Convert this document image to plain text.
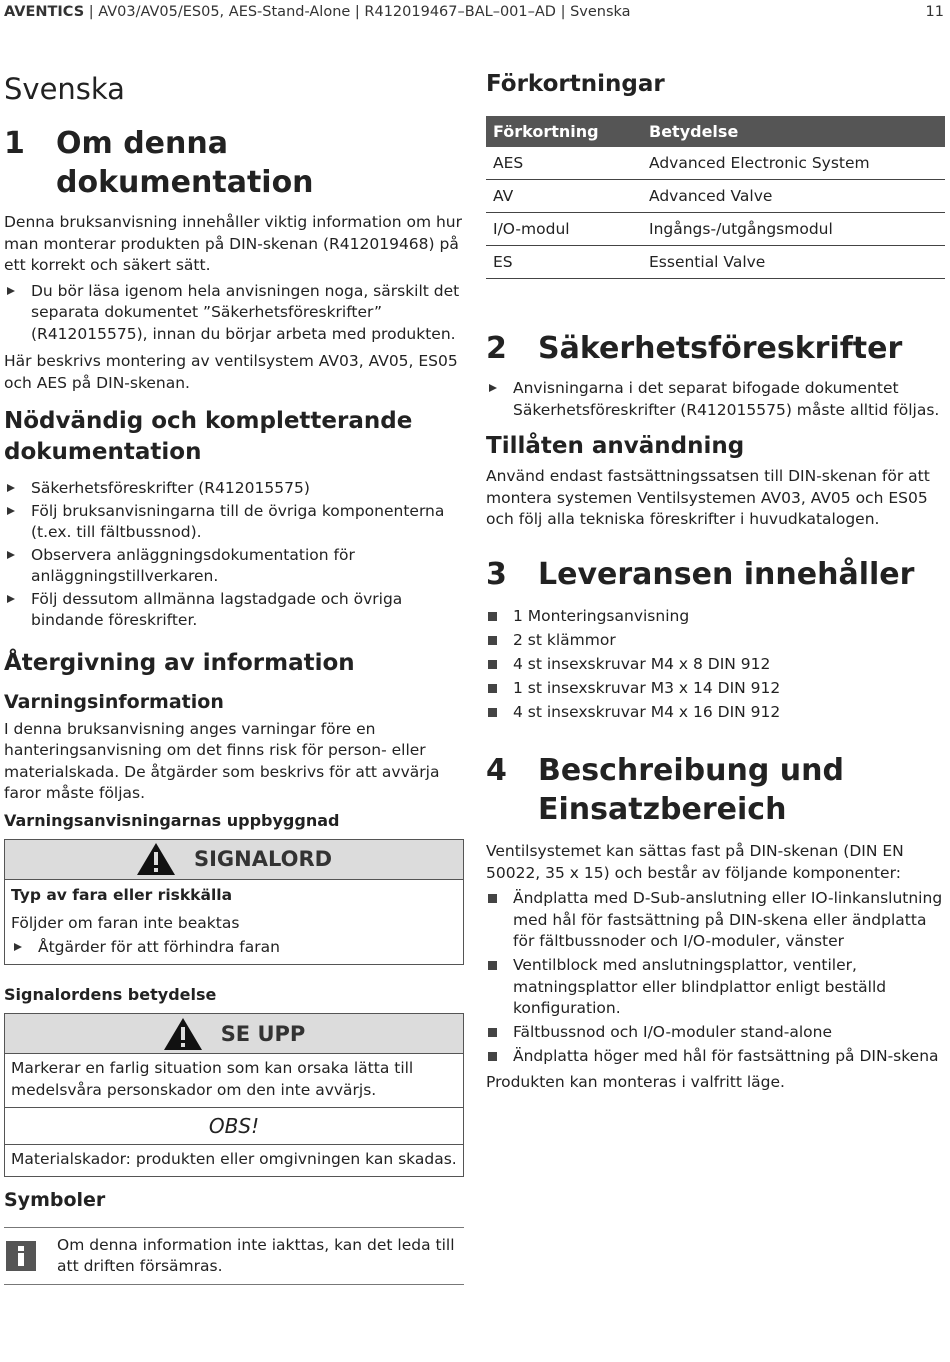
AVENTICS | AV03/AV05/ES05, AES-Stand-Alone | R412019467–BAL–001–AD | Svenska	11
Svenska
1	Om denna dokumentation

Denna bruksanvisning innehåller viktig information om hur man monterar produkten på DIN-skenan (R412019468) på ett korrekt och säkert sätt.

Du bör läsa igenom hela anvisningen noga, särskilt det separata dokumentet ”Säkerhetsföreskrifter” (R412015575), innan du börjar arbeta med produkten.

Här beskrivs montering av ventilsystem AV03, AV05, ES05 och AES på DIN-skenan.

Nödvändig och kompletterande dokumentation
Säkerhetsföreskrifter (R412015575)
Följ bruksanvisningarna till de övriga komponenterna (t.ex. till fältbussnod).
Observera anläggningsdokumentation för anläggningstillverkaren.
Följ dessutom allmänna lagstadgade och övriga bindande föreskrifter.
Återgivning av information
Varningsinformation

I denna bruksanvisning anges varningar före en hanteringsanvisning om det finns risk för person- eller materialskada. De åtgärder som beskrivs för att avvärja faror måste följas.

Varningsanvisningarnas uppbyggnad
SIGNALORD
Typ av fara eller riskkälla
Följder om faran inte beaktas
Åtgärder för att förhindra faran
Signalordens betydelse
SE UPP
Markerar en farlig situation som kan orsaka lätta till medelsvåra personskador om den inte avvärjs.
OBS!
Materialskador: produkten eller omgivningen kan skadas.
Symboler
Om denna information inte iakttas, kan det leda till att driften försämras.
Förkortningar
Förkortning	Betydelse
AES	Advanced Electronic System
AV	Advanced Valve
I/O-modul	Ingångs-/utgångsmodul
ES	Essential Valve
2	Säkerhetsföreskrifter
Anvisningarna i det separat bifogade dokumentet Säkerhetsföreskrifter (R412015575) måste alltid följas.
Tillåten användning

Använd endast fastsättningssatsen till DIN-skenan för att montera systemen Ventilsystemen AV03, AV05 och ES05 och följ alla tekniska föreskrifter i huvudkatalogen.

3	Leveransen innehåller
1 Monteringsanvisning
2 st klämmor
4 st insexskruvar M4 x 8 DIN 912
1 st insexskruvar M3 x 14 DIN 912
4 st insexskruvar M4 x 16 DIN 912
4	Beschreibung und Einsatzbereich

Ventilsystemet kan sättas fast på DIN-skenan (DIN EN 50022, 35 x 15) och består av följande komponenter:

Ändplatta med D-Sub-anslutning eller IO-linkanslutning med hål för fastsättning på DIN-skena eller ändplatta för fältbussnoder och I/O-moduler, vänster
Ventilblock med anslutningsplattor, ventiler, matningsplattor eller blindplattor enligt beställd konfiguration.
Fältbussnod och I/O-moduler stand-alone
Ändplatta höger med hål för fastsättning på DIN-skena

Produkten kan monteras i valfritt läge.
